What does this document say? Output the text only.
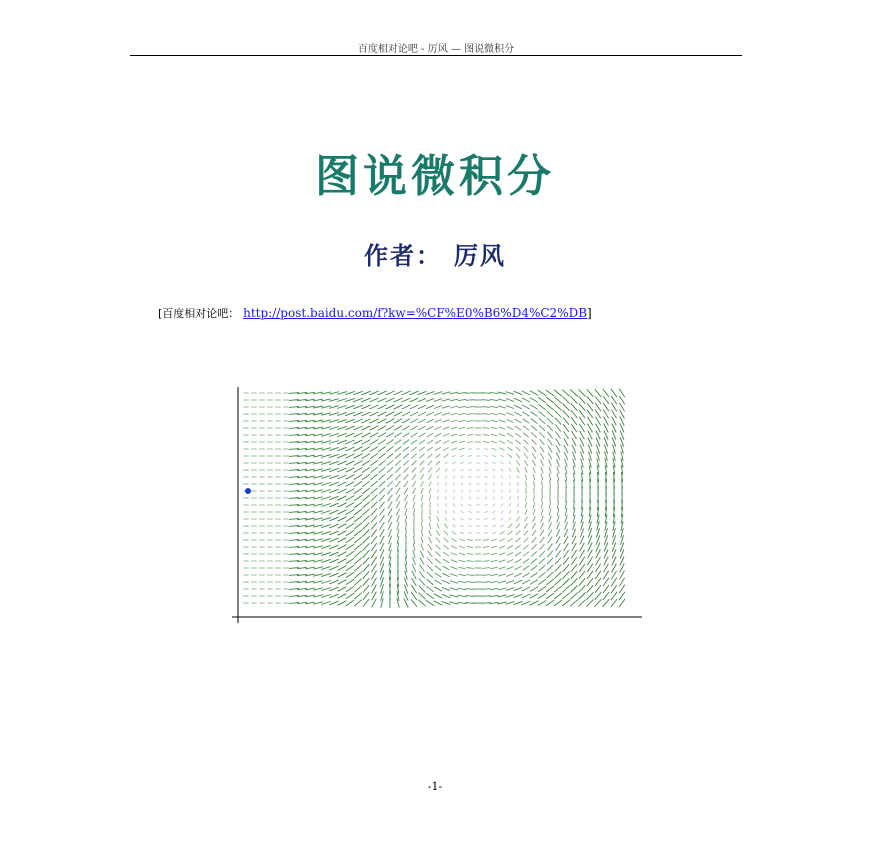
百度相对论吧 - 厉风 — 图说微积分
图说微积分
作者： 厉风
[百度相对论吧： http://post.baidu.com/f?kw=%CF%E0%B6%D4%C2%DB]
-1-
